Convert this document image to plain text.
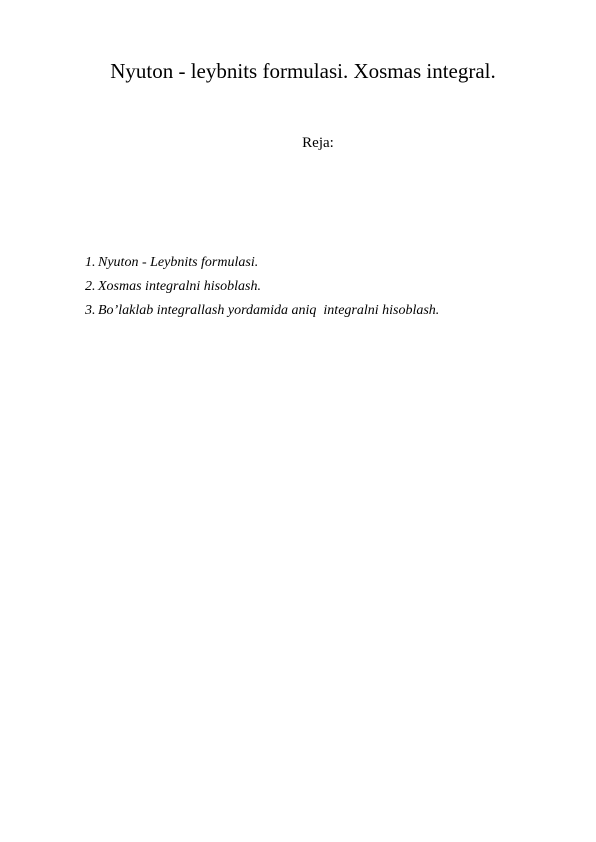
Nyuton - leybnits formulasi. Xosmas integral.
Reja:
1. Nyuton - Leybnits formulasi.
2. Xosmas integralni hisoblash.
3. Bo’laklab integrallash yordamida aniq  integralni hisoblash.
